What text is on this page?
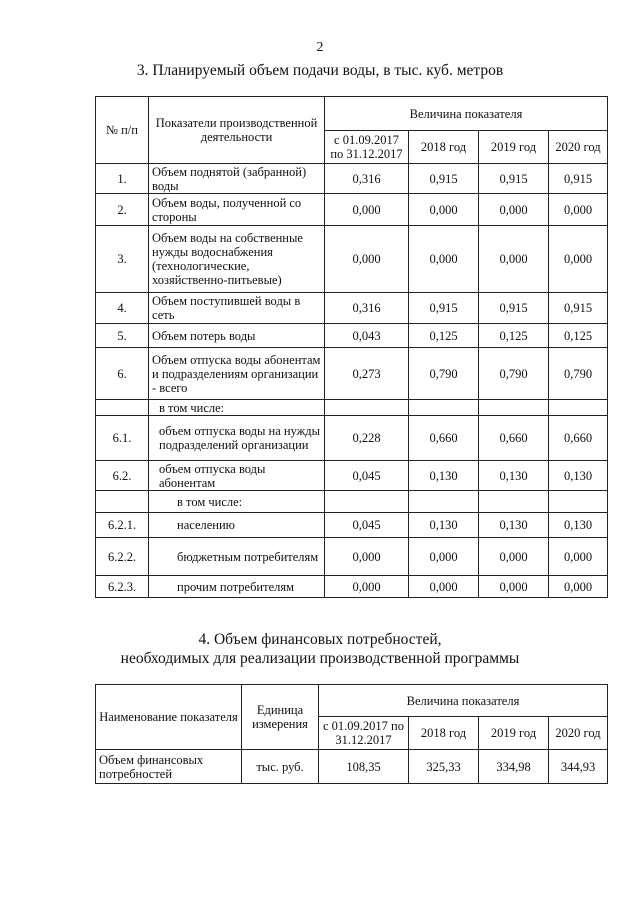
2
3. Планируемый объем подачи воды, в тыс. куб. метров
№ п/п	Показатели производственной деятельности	Величина показателя			
		с 01.09.2017 по 31.12.2017	2018 год	2019 год	2020 год
1.	Объем поднятой (забранной) воды	0,316	0,915	0,915	0,915
2.	Объем воды, полученной со стороны	0,000	0,000	0,000	0,000
3.	Объем воды на собственные нужды водоснабжения (технологические, хозяйственно-питьевые)	0,000	0,000	0,000	0,000
4.	Объем поступившей воды в сеть	0,316	0,915	0,915	0,915
5.	Объем потерь воды	0,043	0,125	0,125	0,125
6.	Объем отпуска воды абонентам и подразделениям организации - всего	0,273	0,790	0,790	0,790
	в том числе:				
6.1.	объем отпуска воды на нужды подразделений организации	0,228	0,660	0,660	0,660
6.2.	объем отпуска воды абонентам	0,045	0,130	0,130	0,130
	в том числе:				
6.2.1.	населению	0,045	0,130	0,130	0,130
6.2.2.	бюджетным потребителям	0,000	0,000	0,000	0,000
6.2.3.	прочим потребителям	0,000	0,000	0,000	0,000
4. Объем финансовых потребностей,
необходимых для реализации производственной программы
Наименование показателя	Единица измерения	Величина показателя			
		с 01.09.2017 по 31.12.2017	2018 год	2019 год	2020 год
Объем финансовых потребностей	тыс. руб.	108,35	325,33	334,98	344,93
